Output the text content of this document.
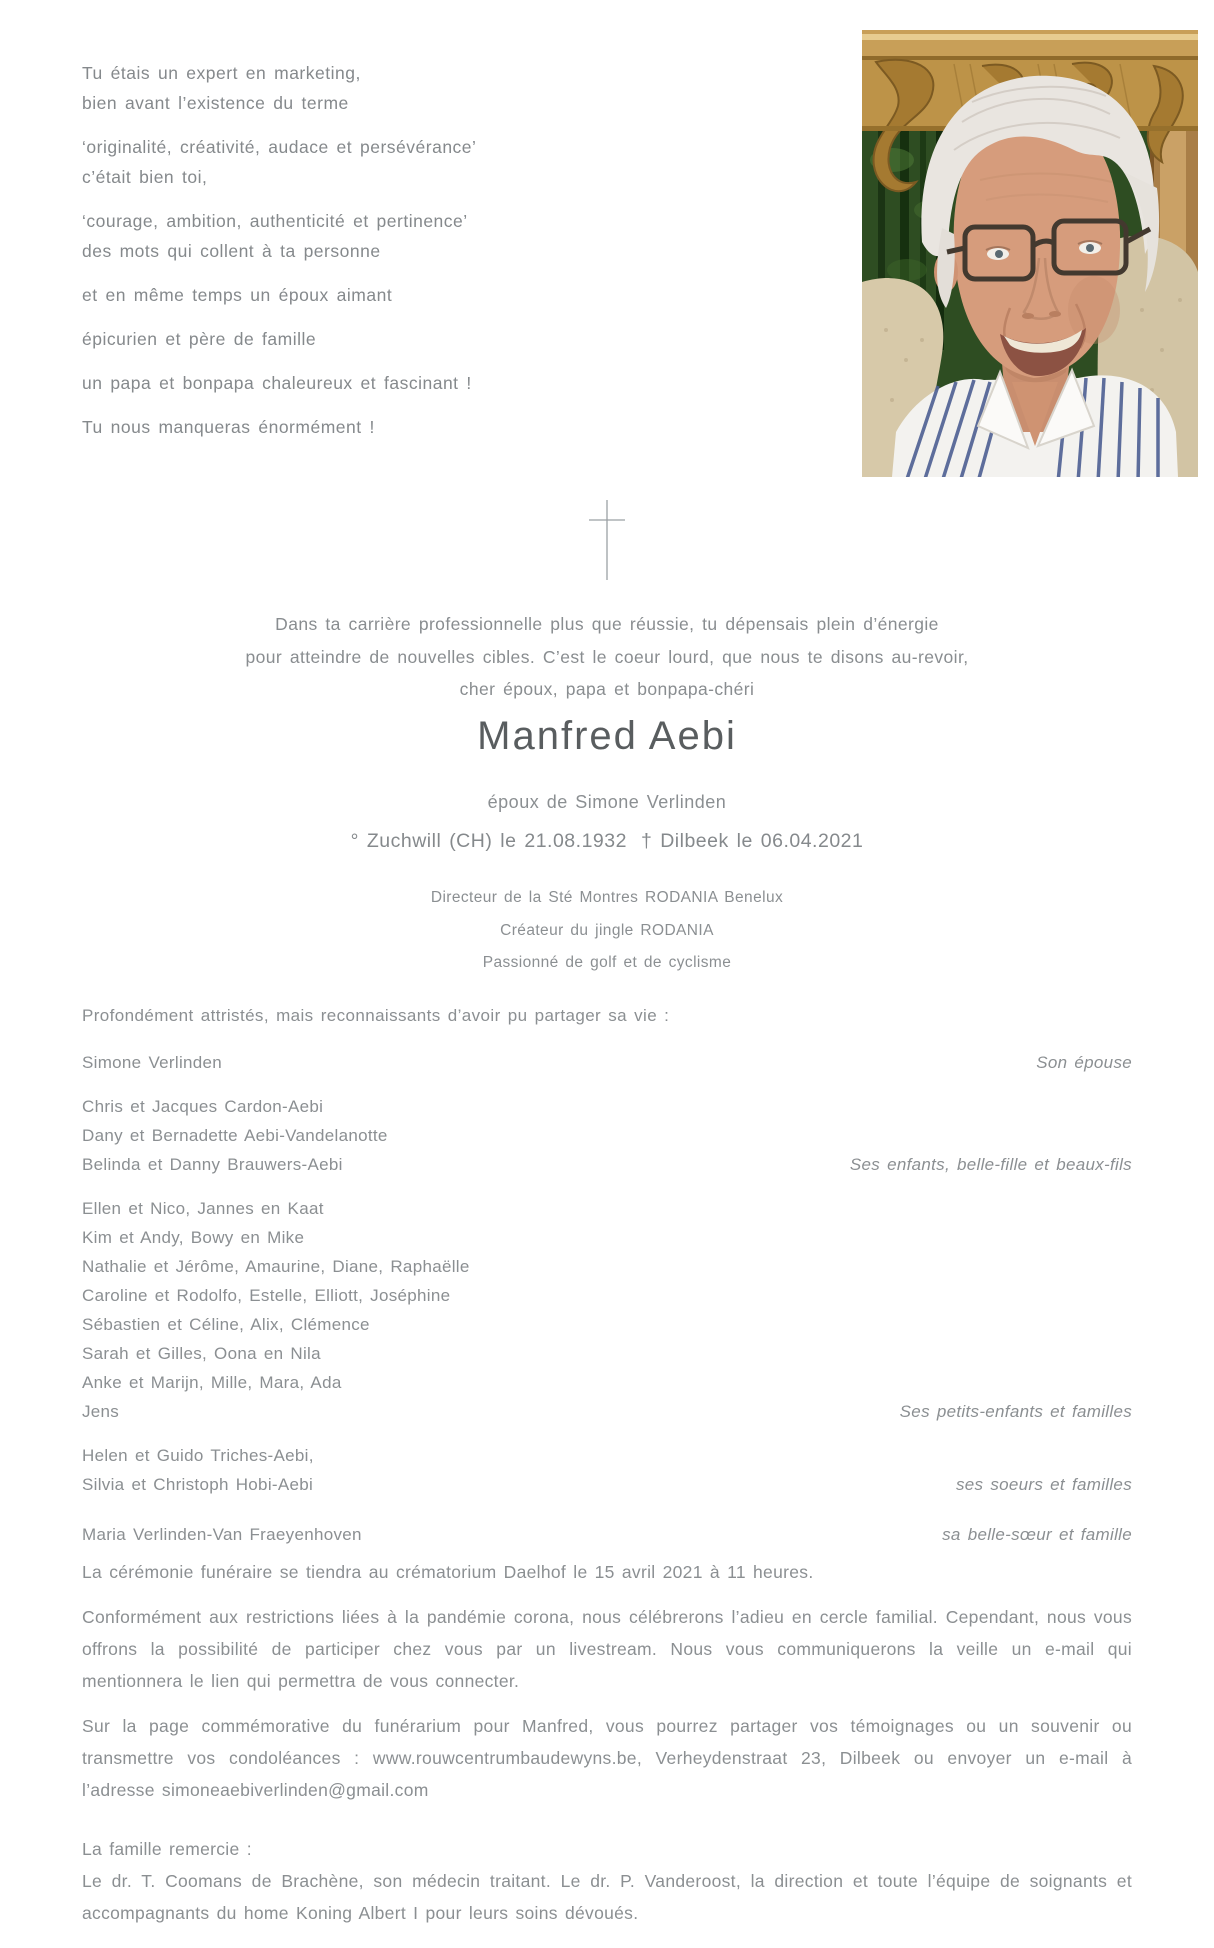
Tu étais un expert en marketing,
bien avant l’existence du terme
‘originalité, créativité, audace et persévérance’
c’était bien toi,
‘courage, ambition, authenticité et pertinence’
des mots qui collent à ta personne
et en même temps un époux aimant
épicurien et père de famille
un papa et bonpapa chaleureux et fascinant !
Tu nous manqueras énormément !
Dans ta carrière professionnelle plus que réussie, tu dépensais plein d’énergie
pour atteindre de nouvelles cibles. C’est le coeur lourd, que nous te disons au-revoir,
cher époux, papa et bonpapa-chéri
Manfred Aebi
époux de Simone Verlinden
° Zuchwill (CH) le 21.08.1932 † Dilbeek le 06.04.2021
Directeur de la Sté Montres RODANIA Benelux
Créateur du jingle RODANIA
Passionné de golf et de cyclisme
Profondément attristés, mais reconnaissants d’avoir pu partager sa vie :
Simone Verlinden	Son épouse
Chris et Jacques Cardon-Aebi
Dany et Bernadette Aebi-Vandelanotte
Belinda et Danny Brauwers-Aebi	Ses enfants, belle-fille et beaux-fils
Ellen et Nico, Jannes en Kaat
Kim et Andy, Bowy en Mike
Nathalie et Jérôme, Amaurine, Diane, Raphaëlle
Caroline et Rodolfo, Estelle, Elliott, Joséphine
Sébastien et Céline, Alix, Clémence
Sarah et Gilles, Oona en Nila
Anke et Marijn, Mille, Mara, Ada
Jens	Ses petits-enfants et familles
Helen et Guido Triches-Aebi,
Silvia et Christoph Hobi-Aebi	ses soeurs et familles
Maria Verlinden-Van Fraeyenhoven	sa belle-sœur et famille

La cérémonie funéraire se tiendra au crématorium Daelhof le 15 avril 2021 à 11 heures.

Conformément aux restrictions liées à la pandémie corona, nous célébrerons l’adieu en cercle familial. Cependant, nous vous offrons la possibilité de participer chez vous par un livestream. Nous vous communiquerons la veille un e-mail qui mentionnera le lien qui permettra de vous connecter.

Sur la page commémorative du funérarium pour Manfred, vous pourrez partager vos témoignages ou un souvenir ou transmettre vos condoléances : www.rouwcentrumbaudewyns.be, Verheydenstraat 23, Dilbeek ou envoyer un e-mail à l’adresse simoneaebiverlinden@gmail.com

La famille remercie :

Le dr. T. Coomans de Brachène, son médecin traitant. Le dr. P. Vanderoost, la direction et toute l’équipe de soignants et accompagnants du home Koning Albert I pour leurs soins dévoués.
